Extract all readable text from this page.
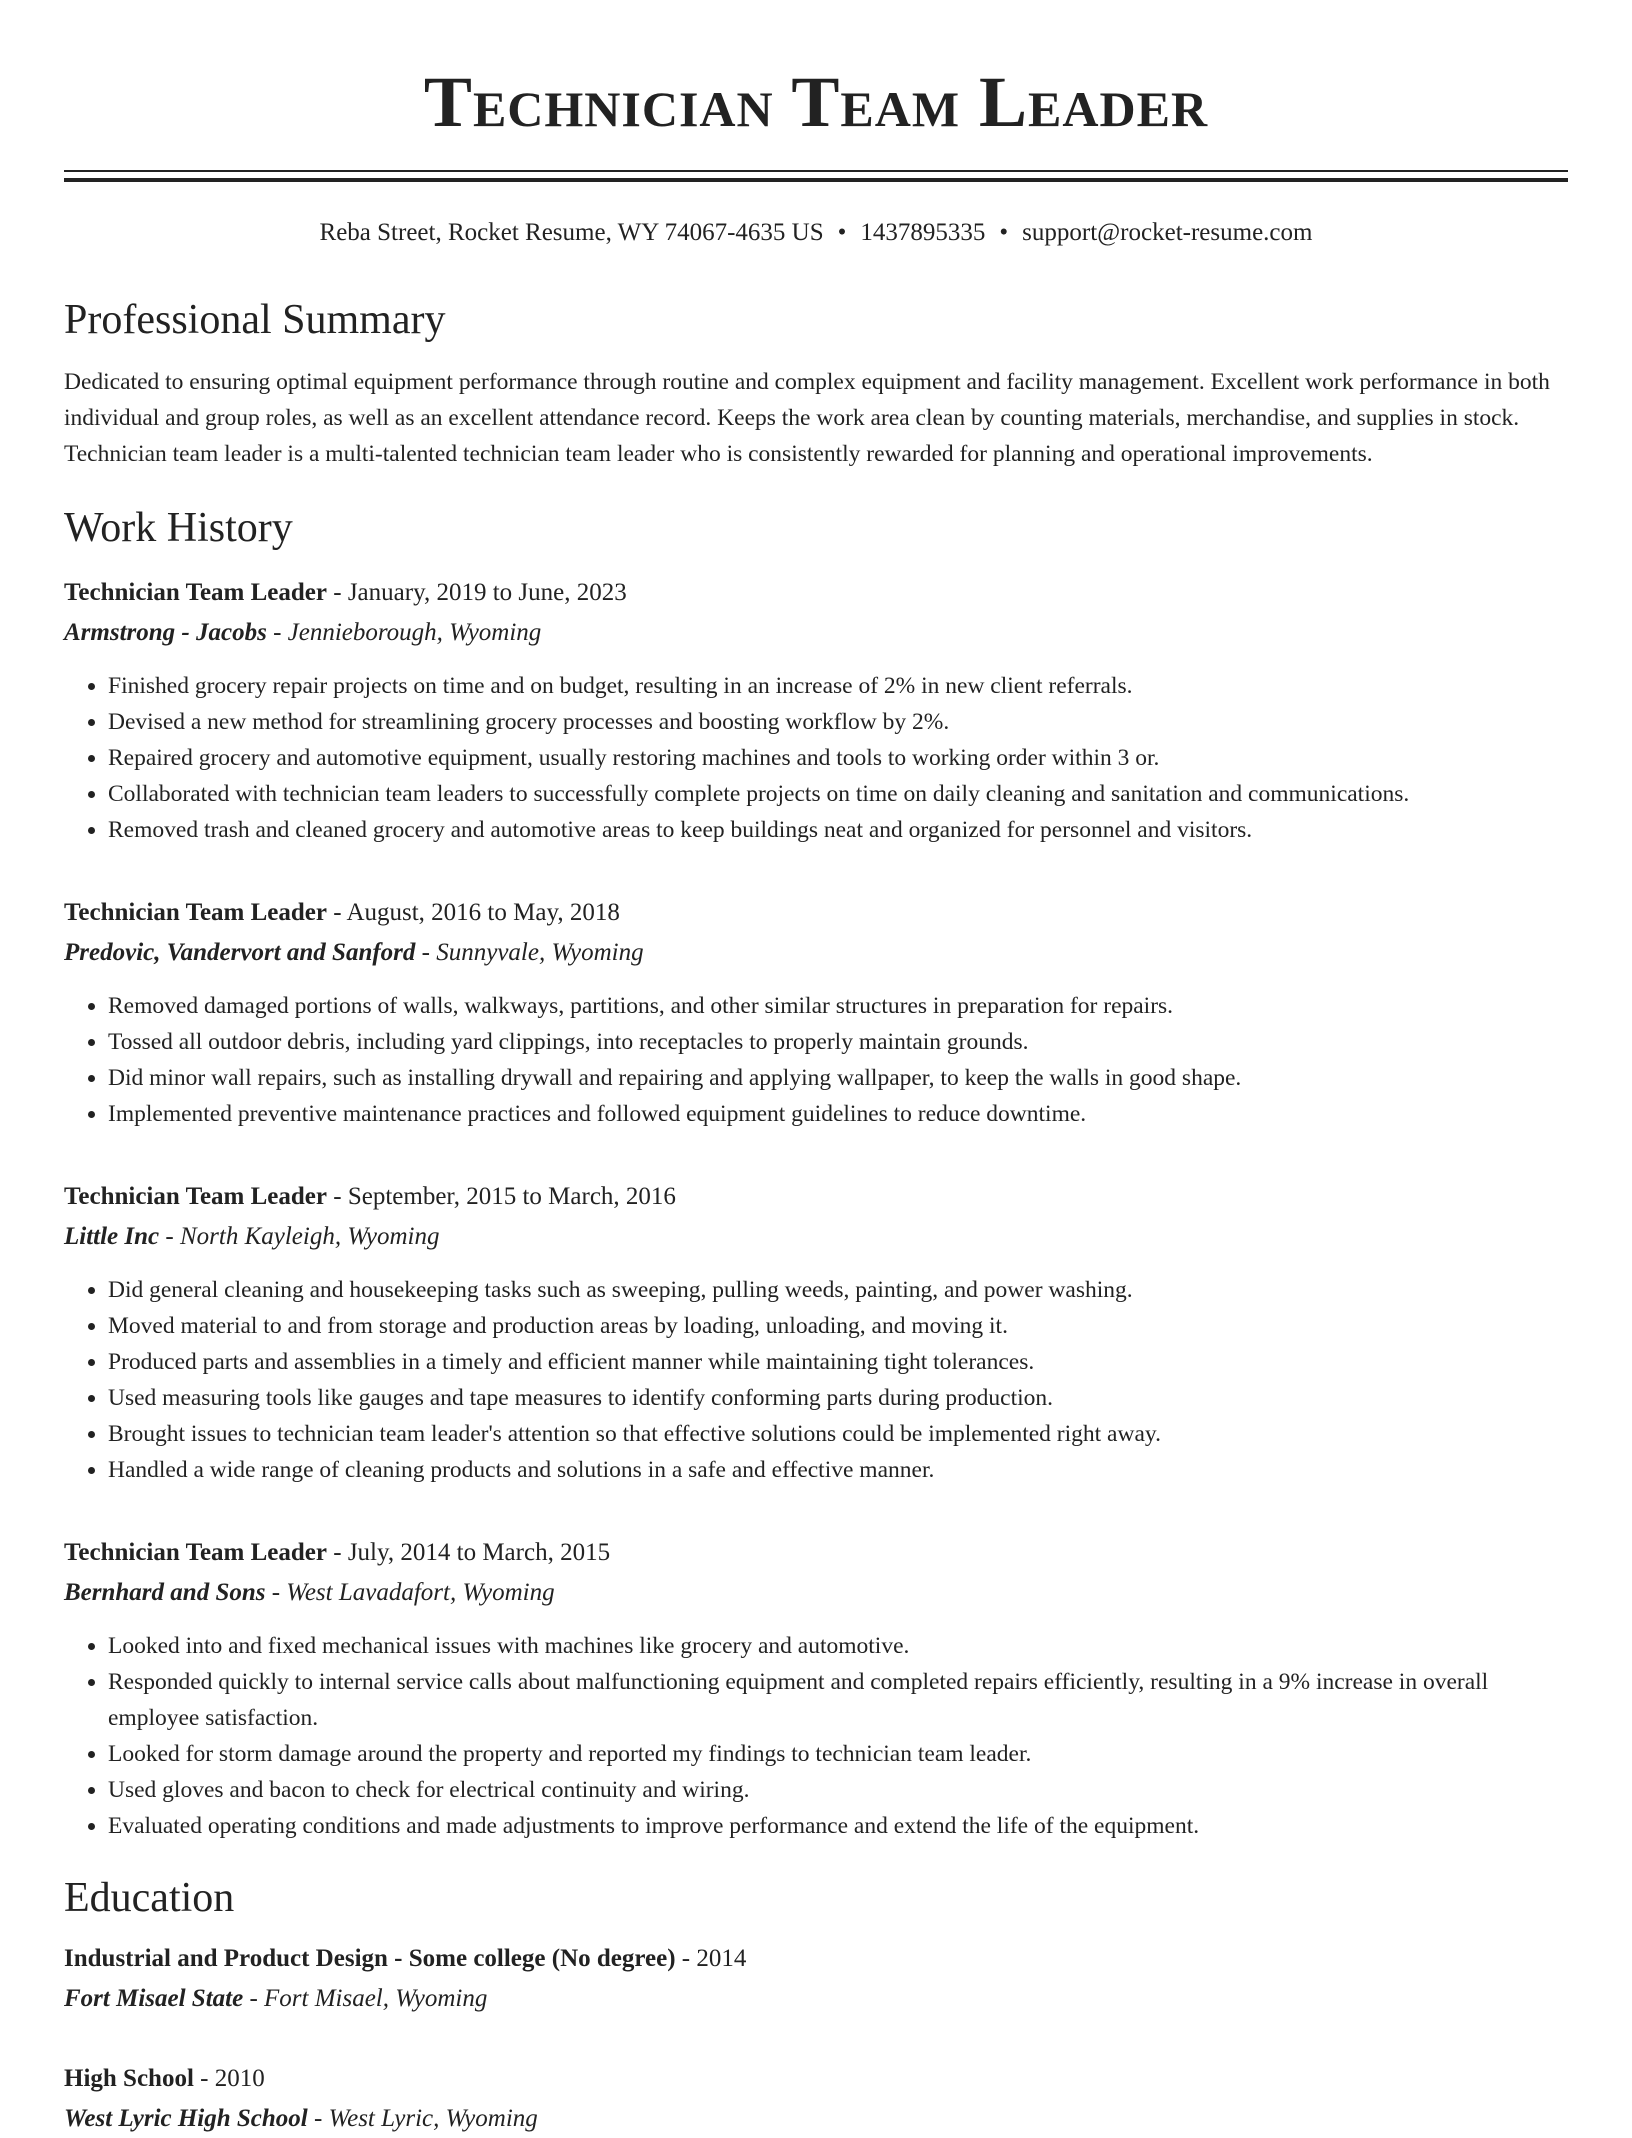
Technician Team Leader
Reba Street, Rocket Resume, WY 74067-4635 US • 1437895335 • support@rocket-resume.com
Professional Summary

Dedicated to ensuring optimal equipment performance through routine and complex equipment and facility management. Excellent work performance in both individual and group roles, as well as an excellent attendance record. Keeps the work area clean by counting materials, merchandise, and supplies in stock. Technician team leader is a multi-talented technician team leader who is consistently rewarded for planning and operational improvements.

Work History
Technician Team Leader - January, 2019 to June, 2023
Armstrong - Jacobs - Jennieborough, Wyoming
• Finished grocery repair projects on time and on budget, resulting in an increase of 2% in new client referrals.
• Devised a new method for streamlining grocery processes and boosting workflow by 2%.
• Repaired grocery and automotive equipment, usually restoring machines and tools to working order within 3 or.
• Collaborated with technician team leaders to successfully complete projects on time on daily cleaning and sanitation and communications.
• Removed trash and cleaned grocery and automotive areas to keep buildings neat and organized for personnel and visitors.
Technician Team Leader - August, 2016 to May, 2018
Predovic, Vandervort and Sanford - Sunnyvale, Wyoming
• Removed damaged portions of walls, walkways, partitions, and other similar structures in preparation for repairs.
• Tossed all outdoor debris, including yard clippings, into receptacles to properly maintain grounds.
• Did minor wall repairs, such as installing drywall and repairing and applying wallpaper, to keep the walls in good shape.
• Implemented preventive maintenance practices and followed equipment guidelines to reduce downtime.
Technician Team Leader - September, 2015 to March, 2016
Little Inc - North Kayleigh, Wyoming
• Did general cleaning and housekeeping tasks such as sweeping, pulling weeds, painting, and power washing.
• Moved material to and from storage and production areas by loading, unloading, and moving it.
• Produced parts and assemblies in a timely and efficient manner while maintaining tight tolerances.
• Used measuring tools like gauges and tape measures to identify conforming parts during production.
• Brought issues to technician team leader's attention so that effective solutions could be implemented right away.
• Handled a wide range of cleaning products and solutions in a safe and effective manner.
Technician Team Leader - July, 2014 to March, 2015
Bernhard and Sons - West Lavadafort, Wyoming
• Looked into and fixed mechanical issues with machines like grocery and automotive.
• Responded quickly to internal service calls about malfunctioning equipment and completed repairs efficiently, resulting in a 9% increase in overall employee satisfaction.
• Looked for storm damage around the property and reported my findings to technician team leader.
• Used gloves and bacon to check for electrical continuity and wiring.
• Evaluated operating conditions and made adjustments to improve performance and extend the life of the equipment.
Education
Industrial and Product Design - Some college (No degree) - 2014
Fort Misael State - Fort Misael, Wyoming
High School - 2010
West Lyric High School - West Lyric, Wyoming
